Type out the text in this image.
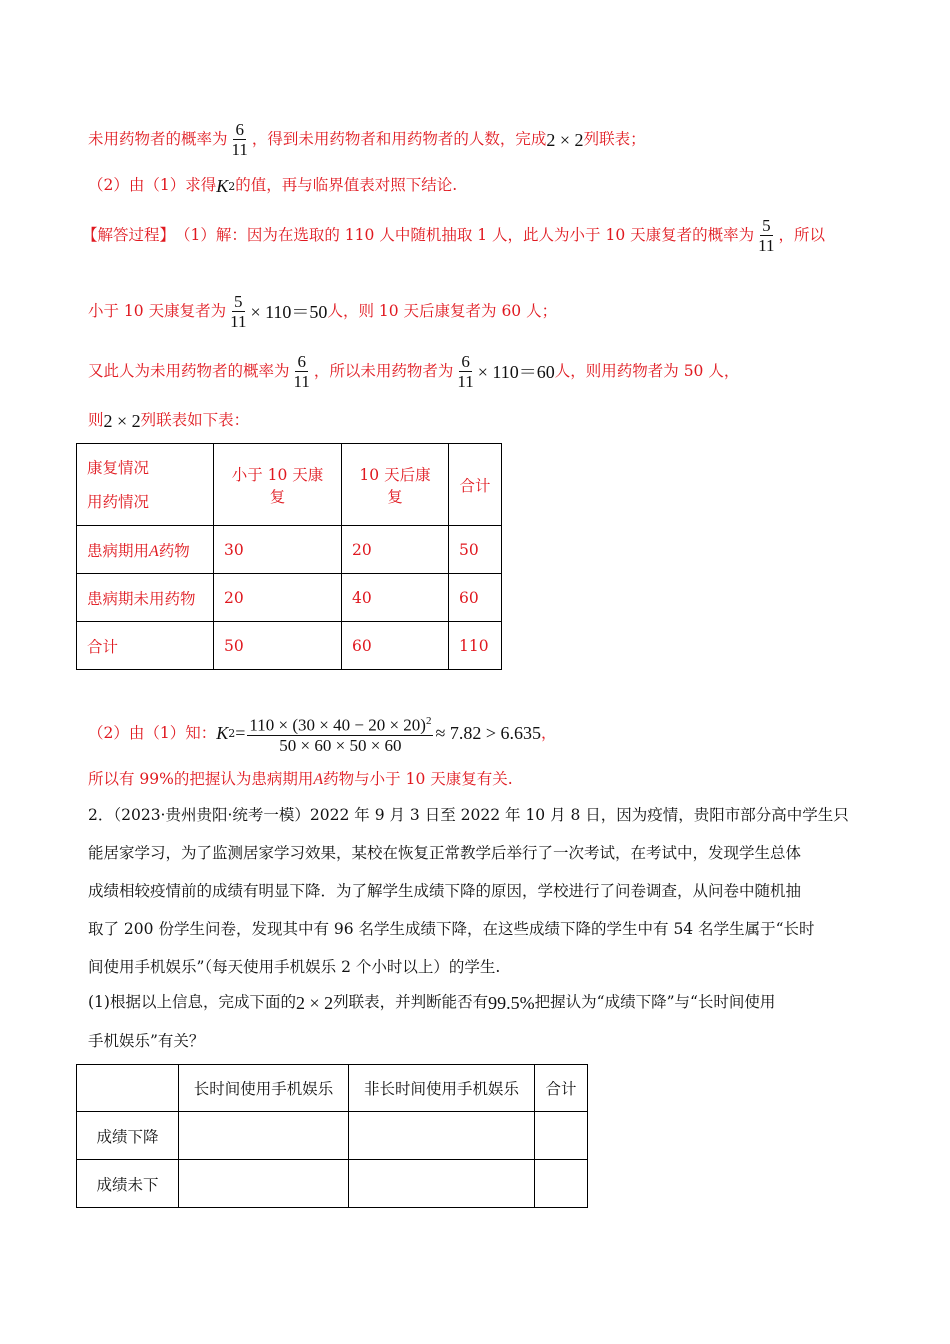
未用药物者的概率为 $\frac{6}{11}$ ，得到未用药物者和用药物者的人数，完成 2 × 2 列联表；
（2）由（1）求得 K 2 的值，再与临界值表对照下结论.
【解答过程】 （1）解：因为在选取的 110 人中随机抽取 1 人，此人为小于 10 天康复者的概率为 $\frac{5}{11}$ ，所以
小于 10 天康复者为 $\frac{5}{11} \times 110=50$ 人，则 10 天后康复者为 60 人；
又此人为未用药物者的概率为 $\frac{6}{11}$ ，所以未用药物者为 $\frac{6}{11} \times 110=60$ 人，则用药物者为 50 人，
则 2 × 2 列联表如下表：
康复情况
用药情况	小于 10 天康复	10 天后康复	合计
患病期用A药物	30	20	50
患病期未用药物	20	40	60
合计	50	60	110
（2）由（1）知： K $2 = \frac{110 \times (30 \times 40 - 20 \times 20)^2}{50 \times 60 \times 50 \times 60} \approx 7.82 > 6.635$ ，
所以有 99%的把握认为患病期用 A 药物与小于 10 天康复有关.
2．（2023·贵州贵阳·统考一模）2022 年 9 月 3 日至 2022 年 10 月 8 日，因为疫情，贵阳市部分高中学生只
能居家学习，为了监测居家学习效果，某校在恢复正常教学后举行了一次考试，在考试中，发现学生总体
成绩相较疫情前的成绩有明显下降．为了解学生成绩下降的原因，学校进行了问卷调查，从问卷中随机抽
取了 200 份学生问卷，发现其中有 96 名学生成绩下降，在这些成绩下降的学生中有 54 名学生属于“长时
间使用手机娱乐”（每天使用手机娱乐 2 个小时以上）的学生.
(1)根据以上信息，完成下面的 2 × 2 列联表，并判断能否有 99.5% 把握认为“成绩下降”与“长时间使用
手机娱乐”有关？
	长时间使用手机娱乐	非长时间使用手机娱乐	合计
成绩下降			
成绩未下			
